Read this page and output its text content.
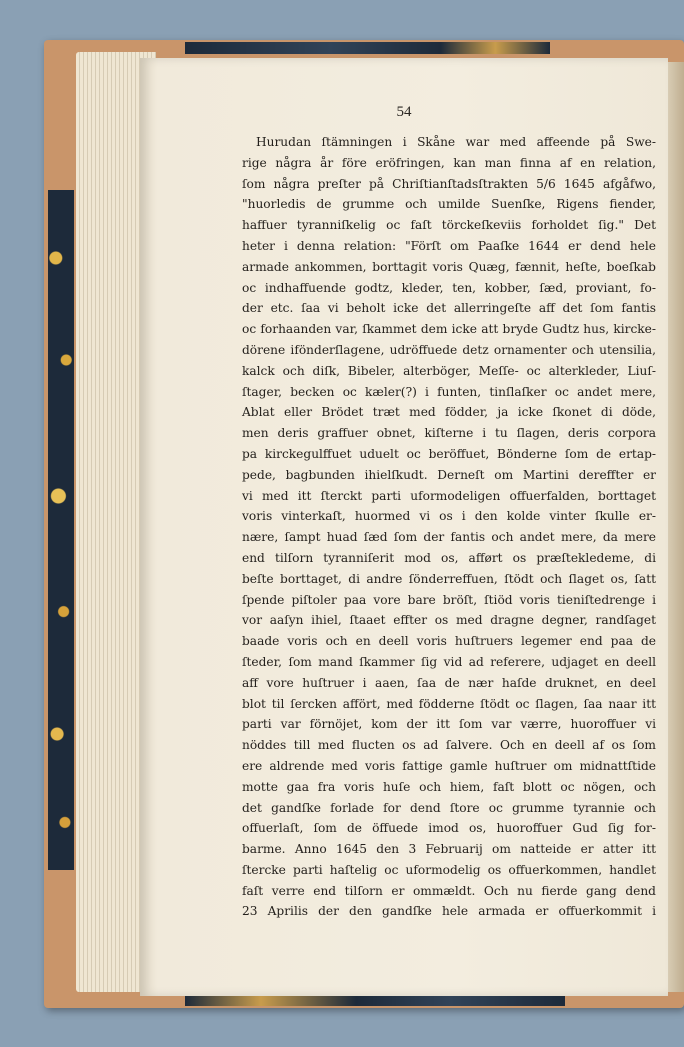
54
Hurudan ſtämningen i Skåne war med affeende på Swe-
rige några år före eröfringen, kan man finna af en relation,
ſom några preſter på Chriſtianſtadsſtrakten 5/6 1645 afgåfwo,
"huorledis de grumme och umilde Suenſke, Rigens fiender,
haffuer tyranniſkelig oc faſt törckeſkeviis forholdet ſig." Det
heter i denna relation: "Förſt om Paaſke 1644 er dend hele
armade ankommen, borttagit voris Quæg, fænnit, heſte, boeſkab
oc indhaffuende godtz, kleder, ten, kobber, ſæd, proviant, fo-
der etc. ſaa vi beholt icke det allerringeſte aff det ſom fantis
oc forhaanden var, ſkammet dem icke att bryde Gudtz hus, kircke-
dörene ifönderſlagene, udröffuede detz ornamenter och utensilia,
kalck och diſk, Bibeler, alterböger, Meſſe- oc alterkleder, Liuſ-
ſtager, becken oc kæler(?) i funten, tinſlaſker oc andet mere,
Ablat eller Brödet træt med födder, ja icke ſkonet di döde,
men deris graffuer obnet, kiſterne i tu ſlagen, deris corpora
pa kirckegulffuet uduelt oc beröffuet, Bönderne ſom de ertap-
pede, bagbunden ihielſkudt. Derneſt om Martini dereffter er
vi med itt ſterckt parti uformodeligen offuerfalden, borttaget
voris vinterkaſt, huormed vi os i den kolde vinter ſkulle er-
nære, ſampt huad ſæd ſom der fantis och andet mere, da mere
end tilſorn tyranniſerit mod os, afført os præſtekledeme, di
beſte borttaget, di andre ſönderreffuen, ſtödt och ſlaget os, ſatt
ſpende piſtoler paa vore bare bröſt, ſtiöd voris tieniſtedrenge i
vor aaſyn ihiel, ſtaaet effter os med dragne degner, randſaget
baade voris och en deell voris huſtruers legemer end paa de
ſteder, ſom mand ſkammer ſig vid ad referere, udjaget en deell
aff vore huſtruer i aaen, ſaa de nær haſde druknet, en deel
blot til ſercken affört, med födderne ſtödt oc ſlagen, ſaa naar itt
parti var förnöjet, kom der itt ſom var værre, huoroffuer vi
nöddes till med flucten os ad ſalvere. Och en deell af os ſom
ere aldrende med voris fattige gamle huſtruer om midnattſtide
motte gaa fra voris huſe och hiem, faſt blott oc nögen, och
det gandſke forlade for dend ſtore oc grumme tyrannie och
offuerlaſt, ſom de öffuede imod os, huoroffuer Gud ſig for-
barme. Anno 1645 den 3 Februarij om natteide er atter itt
ſtercke parti haſtelig oc uformodelig os offuerkommen, handlet
faſt verre end tilſorn er ommældt. Och nu fierde gang dend
23 Aprilis der den gandſke hele armada er offuerkommit i
